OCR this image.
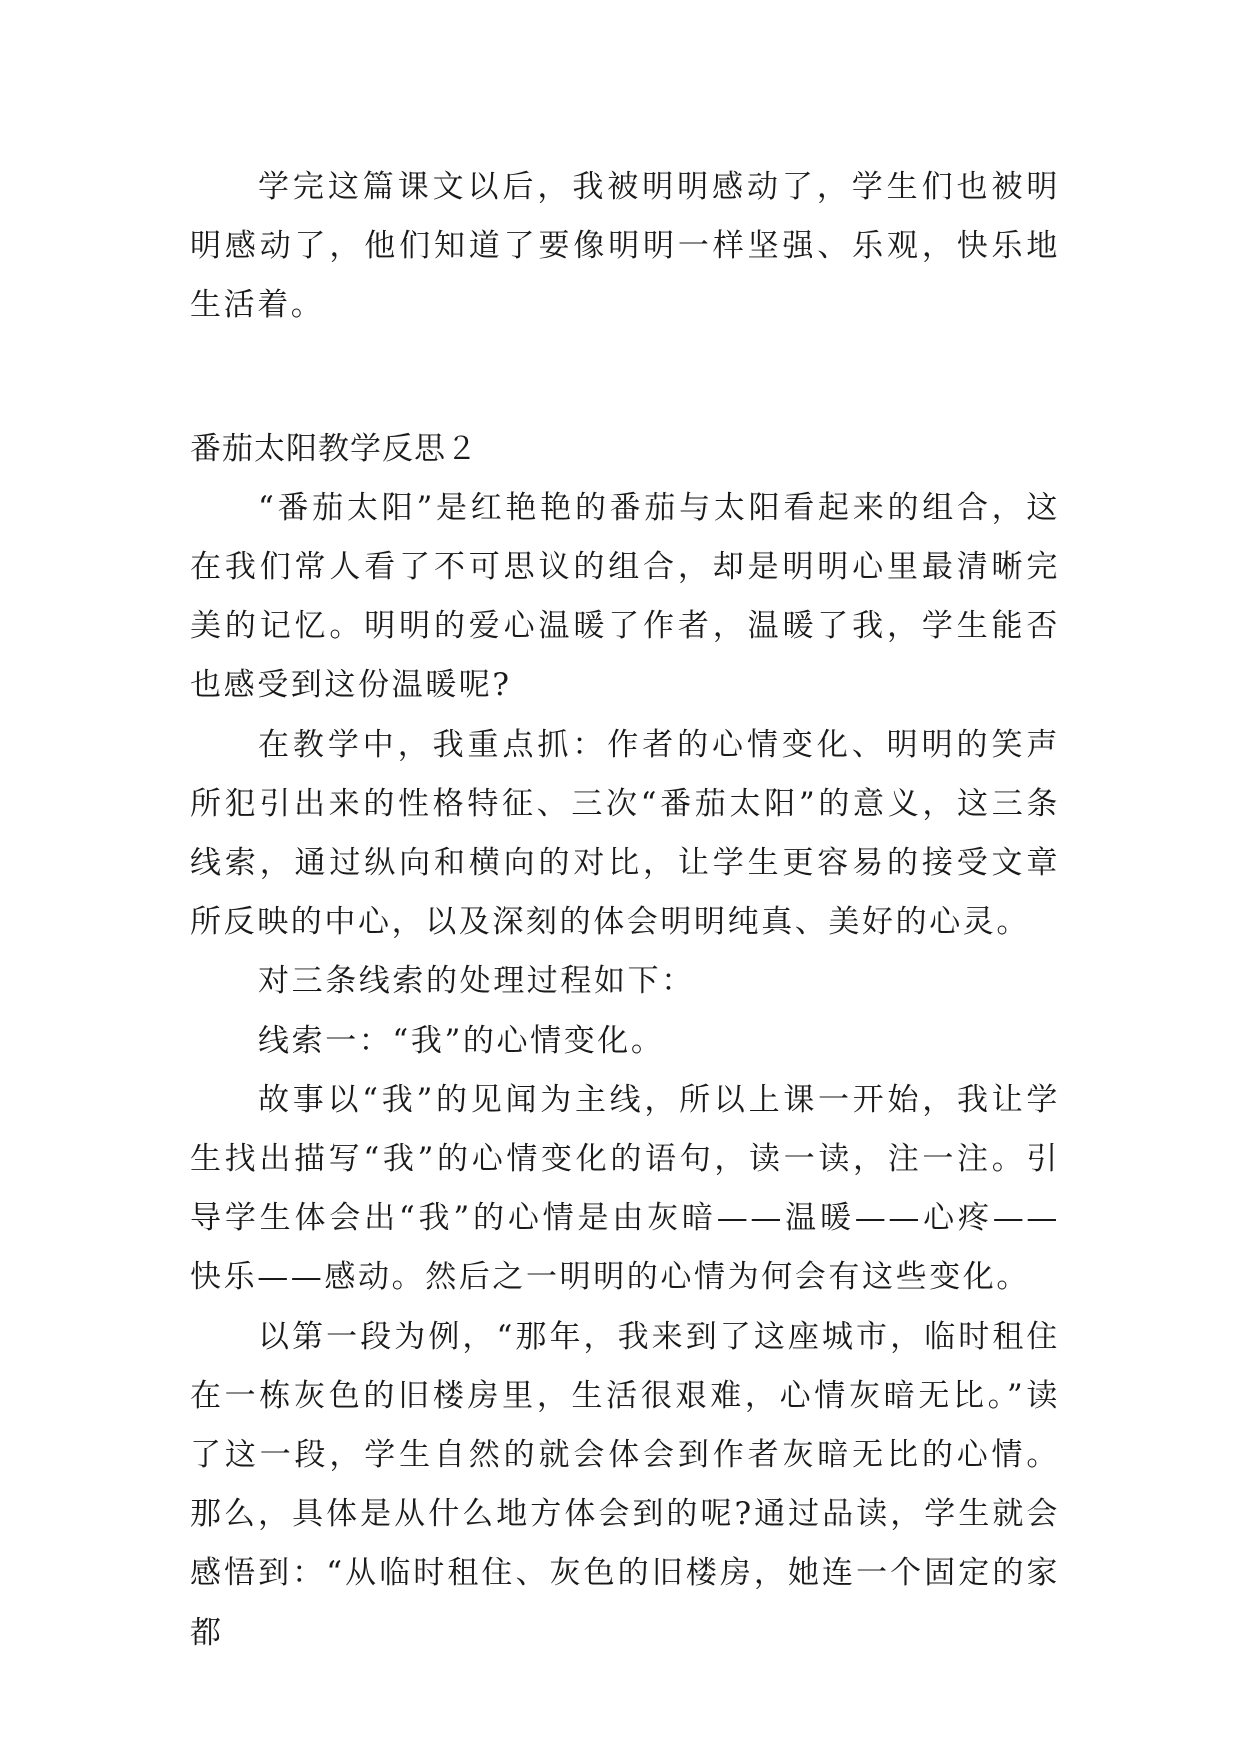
学完这篇课文以后，我被明明感动了，学生们也被明明感动了，他们知道了要像明明一样坚强、乐观，快乐地生活着。

番茄太阳教学反思２

“番茄太阳”是红艳艳的番茄与太阳看起来的组合，这在我们常人看了不可思议的组合，却是明明心里最清晰完美的记忆。明明的爱心温暖了作者，温暖了我，学生能否也感受到这份温暖呢?

在教学中，我重点抓：作者的心情变化、明明的笑声所犯引出来的性格特征、三次“番茄太阳”的意义，这三条线索，通过纵向和横向的对比，让学生更容易的接受文章所反映的中心，以及深刻的体会明明纯真、美好的心灵。

对三条线索的处理过程如下：

线索一：“我”的心情变化。

故事以“我”的见闻为主线，所以上课一开始，我让学生找出描写“我”的心情变化的语句，读一读，注一注。引导学生体会出“我”的心情是由灰暗——温暖——心疼——快乐——感动。然后之一明明的心情为何会有这些变化。

以第一段为例，“那年，我来到了这座城市，临时租住在一栋灰色的旧楼房里，生活很艰难，心情灰暗无比。”读了这一段，学生自然的就会体会到作者灰暗无比的心情。那么，具体是从什么地方体会到的呢?通过品读，学生就会感悟到：“从临时租住、灰色的旧楼房，她连一个固定的家都
